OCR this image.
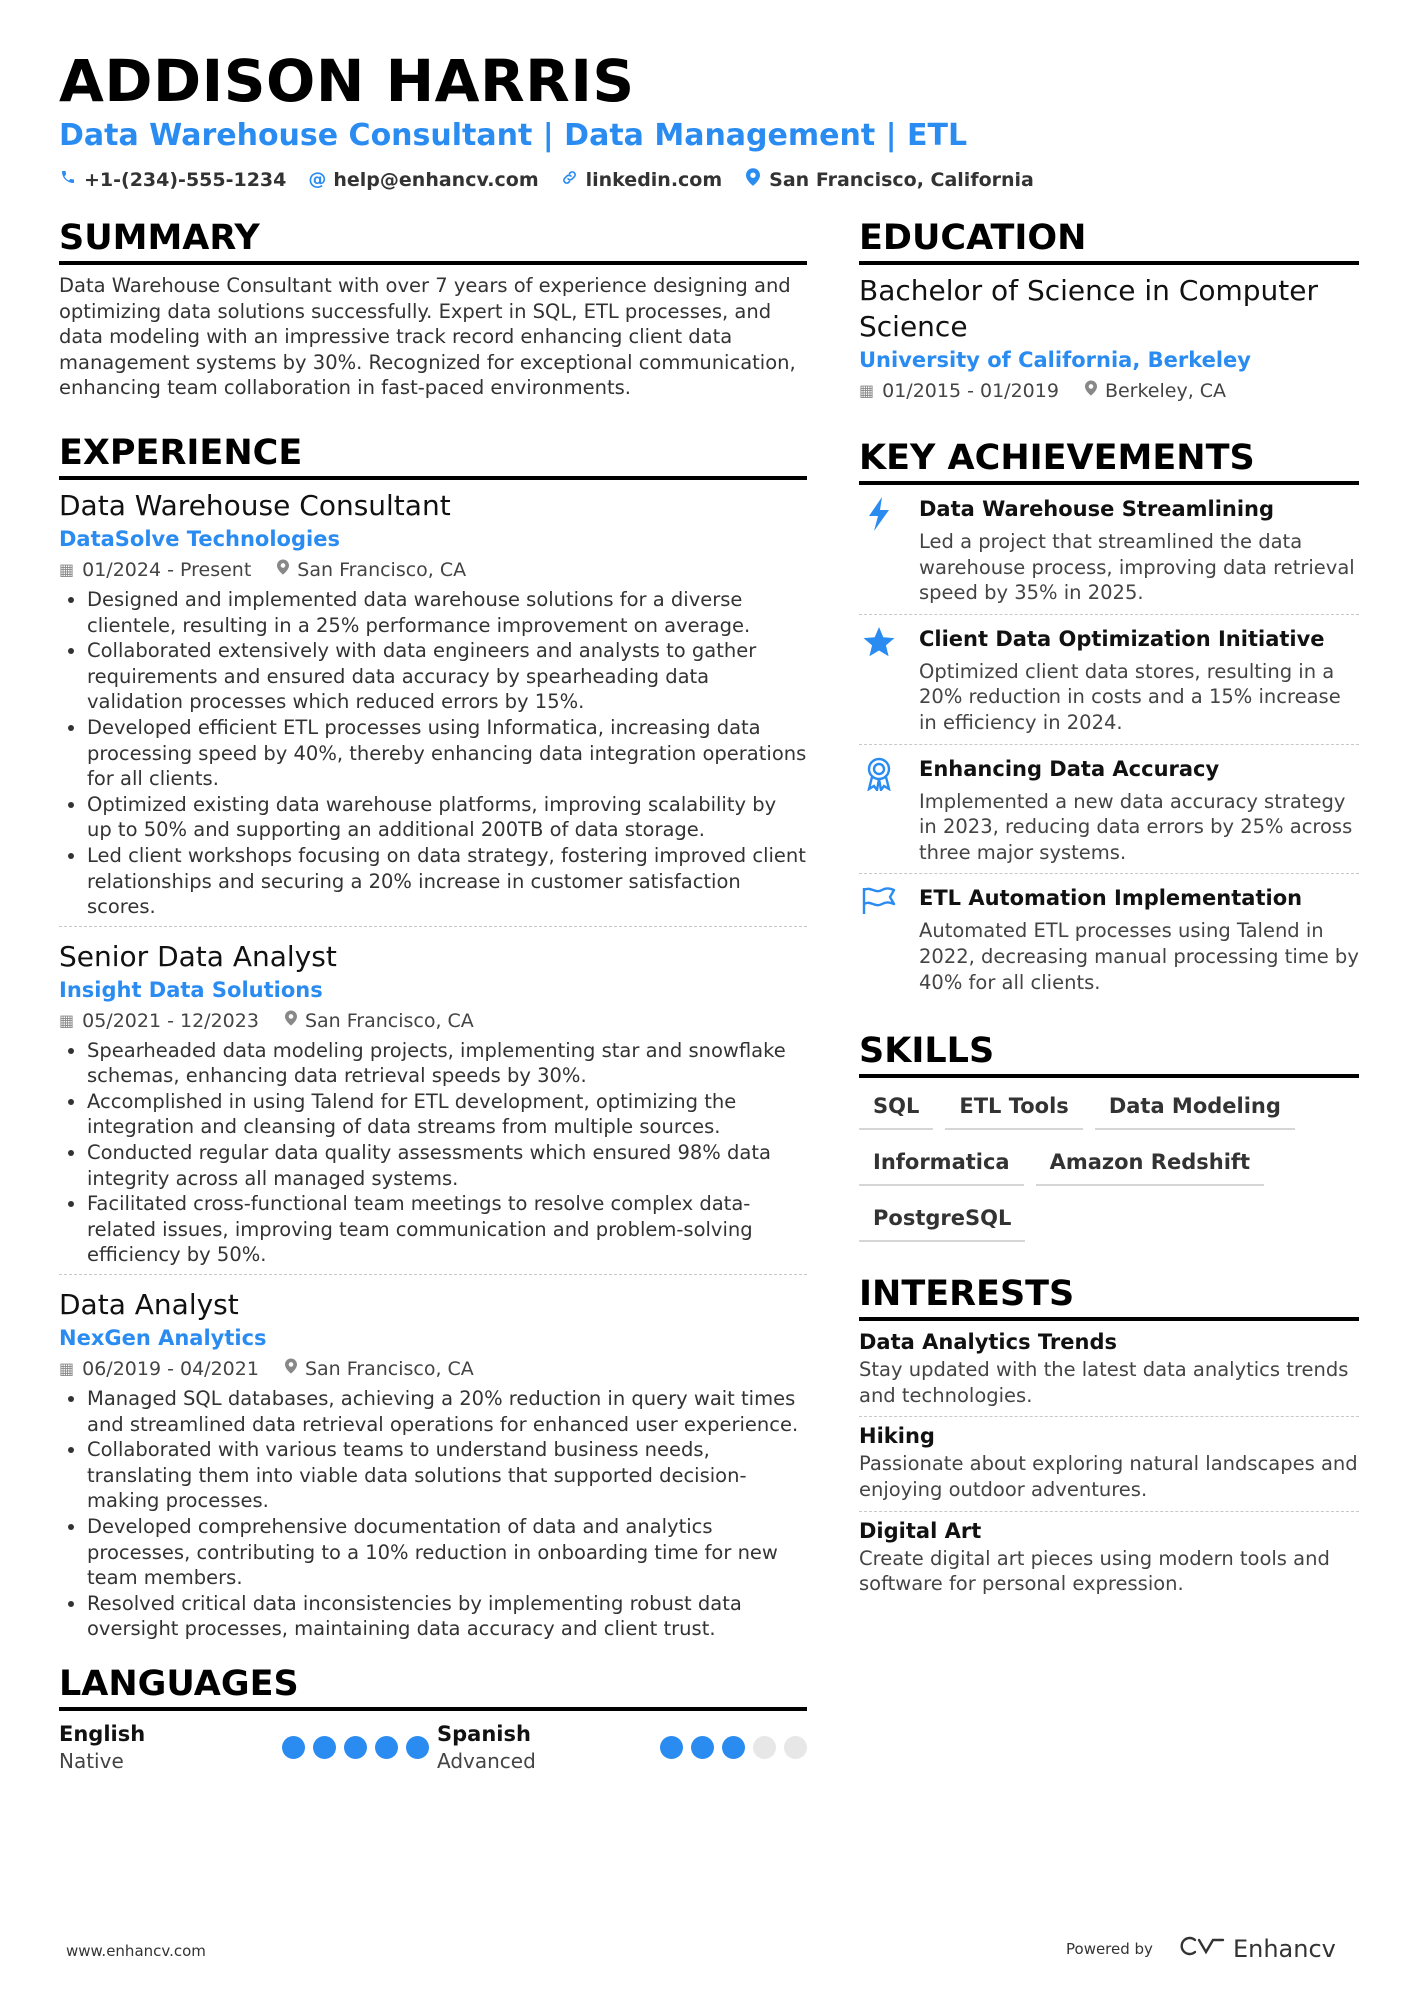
ADDISON HARRIS
Data Warehouse Consultant | Data Management | ETL
+1-(234)-555-1234 @ help@enhancv.com linkedin.com San Francisco, California
SUMMARY

Data Warehouse Consultant with over 7 years of experience designing and optimizing data solutions successfully. Expert in SQL, ETL processes, and data modeling with an impressive track record enhancing client data management systems by 30%. Recognized for exceptional communication, enhancing team collaboration in fast-paced environments.

EXPERIENCE
Data Warehouse Consultant
DataSolve Technologies
▦ 01/2024 - Present San Francisco, CA
• Designed and implemented data warehouse solutions for a diverse clientele, resulting in a 25% performance improvement on average.
• Collaborated extensively with data engineers and analysts to gather requirements and ensured data accuracy by spearheading data validation processes which reduced errors by 15%.
• Developed efficient ETL processes using Informatica, increasing data processing speed by 40%, thereby enhancing data integration operations for all clients.
• Optimized existing data warehouse platforms, improving scalability by up to 50% and supporting an additional 200TB of data storage.
• Led client workshops focusing on data strategy, fostering improved client relationships and securing a 20% increase in customer satisfaction scores.
Senior Data Analyst
Insight Data Solutions
▦ 05/2021 - 12/2023 San Francisco, CA
• Spearheaded data modeling projects, implementing star and snowflake schemas, enhancing data retrieval speeds by 30%.
• Accomplished in using Talend for ETL development, optimizing the integration and cleansing of data streams from multiple sources.
• Conducted regular data quality assessments which ensured 98% data integrity across all managed systems.
• Facilitated cross-functional team meetings to resolve complex data-related issues, improving team communication and problem-solving efficiency by 50%.
Data Analyst
NexGen Analytics
▦ 06/2019 - 04/2021 San Francisco, CA
• Managed SQL databases, achieving a 20% reduction in query wait times and streamlined data retrieval operations for enhanced user experience.
• Collaborated with various teams to understand business needs, translating them into viable data solutions that supported decision-making processes.
• Developed comprehensive documentation of data and analytics processes, contributing to a 10% reduction in onboarding time for new team members.
• Resolved critical data inconsistencies by implementing robust data oversight processes, maintaining data accuracy and client trust.
LANGUAGES
English
Native
Spanish
Advanced
EDUCATION
Bachelor of Science in Computer Science
University of California, Berkeley
▦ 01/2015 - 01/2019 Berkeley, CA
KEY ACHIEVEMENTS
Data Warehouse Streamlining
Led a project that streamlined the data warehouse process, improving data retrieval speed by 35% in 2025.
Client Data Optimization Initiative
Optimized client data stores, resulting in a 20% reduction in costs and a 15% increase in efficiency in 2024.
Enhancing Data Accuracy
Implemented a new data accuracy strategy in 2023, reducing data errors by 25% across three major systems.
ETL Automation Implementation
Automated ETL processes using Talend in 2022, decreasing manual processing time by 40% for all clients.
SKILLS
SQL	ETL Tools	Data Modeling
Informatica	Amazon Redshift
PostgreSQL
INTERESTS
Data Analytics Trends
Stay updated with the latest data analytics trends and technologies.
Hiking
Passionate about exploring natural landscapes and enjoying outdoor adventures.
Digital Art
Create digital art pieces using modern tools and software for personal expression.
www.enhancv.com	Powered by	Enhancv
